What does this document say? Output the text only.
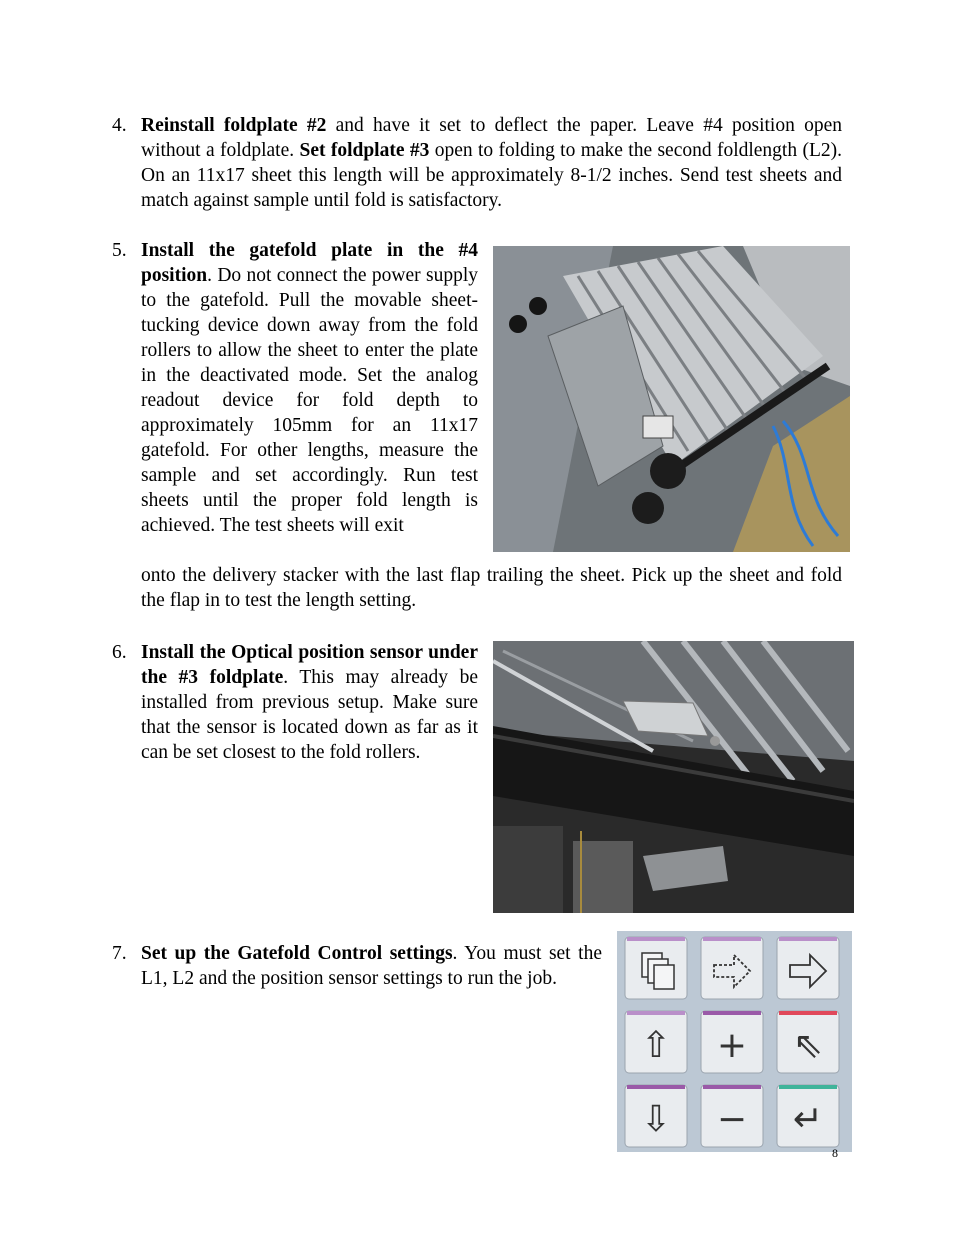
4. Reinstall foldplate #2 and have it set to deflect the paper. Leave #4 position open without a foldplate. Set foldplate #3 open to folding to make the second foldlength (L2). On an 11x17 sheet this length will be approximately 8-1/2 inches. Send test sheets and match against sample until fold is satisfactory.
5. Install the gatefold plate in the #4 position. Do not connect the power supply to the gatefold. Pull the movable sheet-tucking device down away from the fold rollers to allow the sheet to enter the plate in the deactivated mode. Set the analog readout device for fold depth to approximately 105mm for an 11x17 gatefold. For other lengths, measure the sample and set accordingly. Run test sheets until the proper fold length is achieved. The test sheets will exit
onto the delivery stacker with the last flap trailing the sheet. Pick up the sheet and fold the flap in to test the length setting.
6. Install the Optical position sensor under the #3 foldplate. This may already be installed from previous setup. Make sure that the sensor is located down as far as it can be set closest to the fold rollers.
7. Set up the Gatefold Control settings. You must set the L1, L2 and the position sensor settings to run the job.
⇧ + ⇖
⇩ − ↵
8
